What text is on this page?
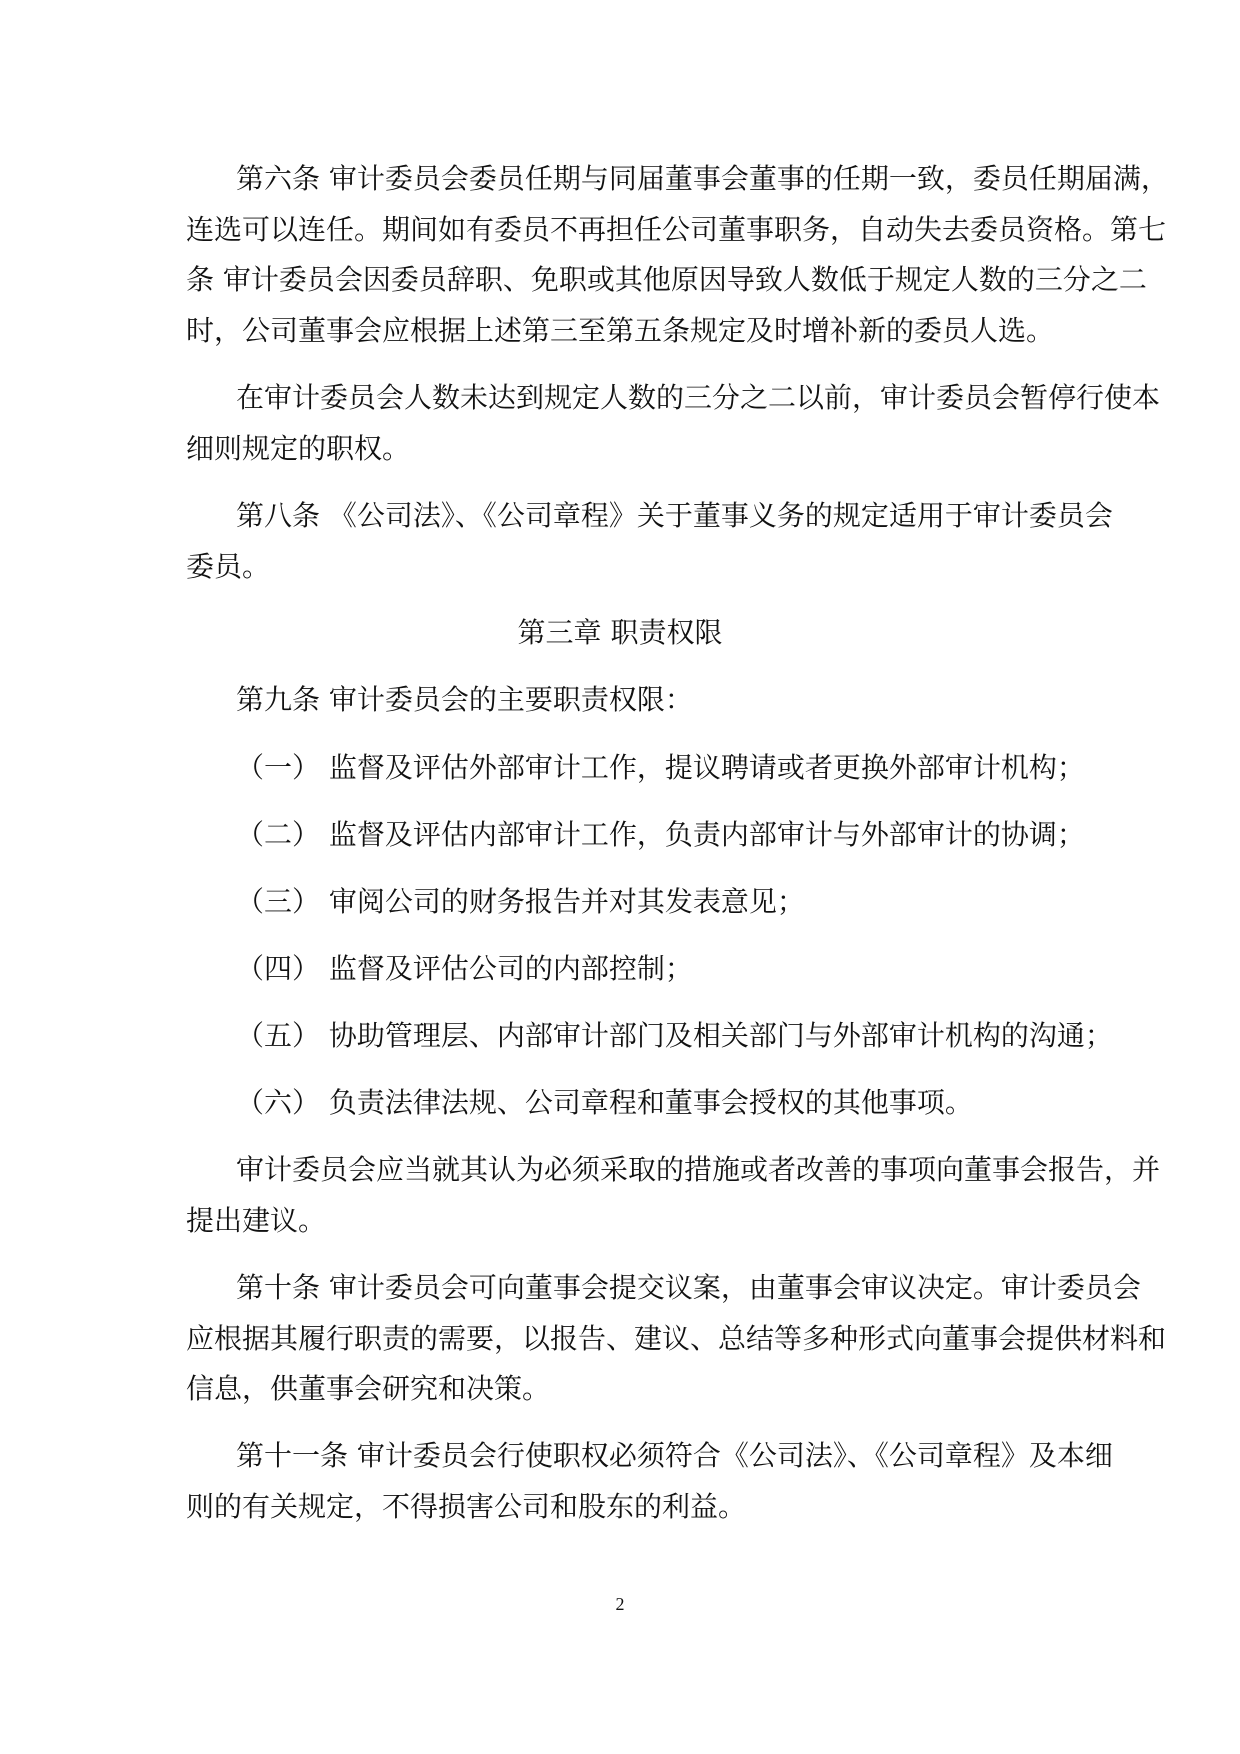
第六条 审计委员会委员任期与同届董事会董事的任期一致，委员任期届满，
连选可以连任。期间如有委员不再担任公司董事职务，自动失去委员资格。第七
条 审计委员会因委员辞职、免职或其他原因导致人数低于规定人数的三分之二
时，公司董事会应根据上述第三至第五条规定及时增补新的委员人选。
在审计委员会人数未达到规定人数的三分之二以前，审计委员会暂停行使本
细则规定的职权。
第八条 《公司法》、《公司章程》关于董事义务的规定适用于审计委员会
委员。
第三章 职责权限
第九条 审计委员会的主要职责权限：
（一） 监督及评估外部审计工作，提议聘请或者更换外部审计机构；
（二） 监督及评估内部审计工作，负责内部审计与外部审计的协调；
（三） 审阅公司的财务报告并对其发表意见；
（四） 监督及评估公司的内部控制；
（五） 协助管理层、内部审计部门及相关部门与外部审计机构的沟通；
（六） 负责法律法规、公司章程和董事会授权的其他事项。
审计委员会应当就其认为必须采取的措施或者改善的事项向董事会报告，并
提出建议。
第十条 审计委员会可向董事会提交议案，由董事会审议决定。审计委员会
应根据其履行职责的需要，以报告、建议、总结等多种形式向董事会提供材料和
信息，供董事会研究和决策。
第十一条 审计委员会行使职权必须符合《公司法》、《公司章程》及本细
则的有关规定，不得损害公司和股东的利益。
2
